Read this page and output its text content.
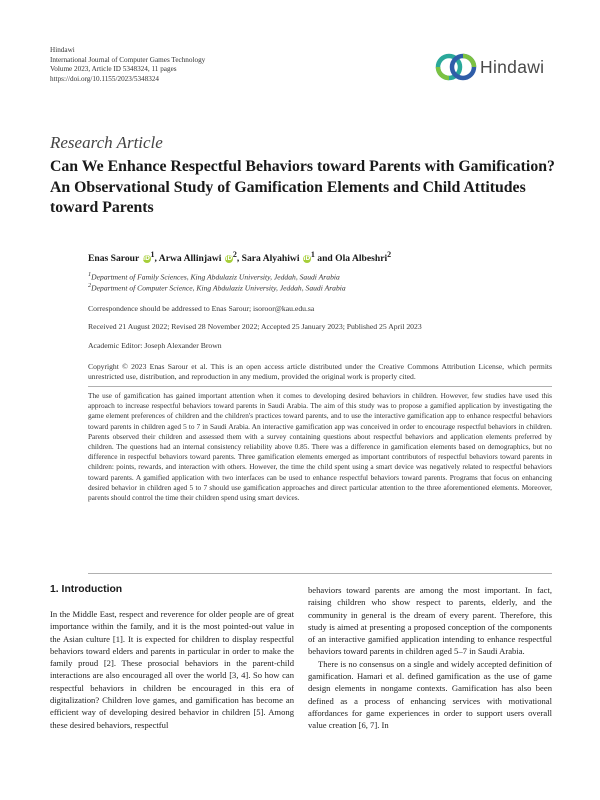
Hindawi
International Journal of Computer Games Technology
Volume 2023, Article ID 5348324, 11 pages
https://doi.org/10.1155/2023/5348324
Hindawi
Research Article
Can We Enhance Respectful Behaviors toward Parents with Gamification? An Observational Study of Gamification Elements and Child Attitudes toward Parents
Enas Sarour $iD^1$, Arwa Allinjawi $iD^2$, Sara Alyahiwi $iD^1$ and Ola Albeshri$^2$
$^1$Department of Family Sciences, King Abdulaziz University, Jeddah, Saudi Arabia
$^2$Department of Computer Science, King Abdulaziz University, Jeddah, Saudi Arabia
Correspondence should be addressed to Enas Sarour; isoroor@kau.edu.sa
Received 21 August 2022; Revised 28 November 2022; Accepted 25 January 2023; Published 25 April 2023
Academic Editor: Joseph Alexander Brown

Copyright © 2023 Enas Sarour et al. This is an open access article distributed under the Creative Commons Attribution License, which permits unrestricted use, distribution, and reproduction in any medium, provided the original work is properly cited.

The use of gamification has gained important attention when it comes to developing desired behaviors in children. However, few studies have used this approach to increase respectful behaviors toward parents in Saudi Arabia. The aim of this study was to propose a gamified application by investigating the game element preferences of children and the children's practices toward parents, and to use the interactive gamification app to enhance respectful behaviors toward parents in children aged 5 to 7 in Saudi Arabia. An interactive gamification app was conceived in order to encourage respectful behaviors in children. Parents observed their children and assessed them with a survey containing questions about respectful behaviors and application elements preferred by children. The questions had an internal consistency reliability above 0.85. There was a difference in gamification elements based on demographics, but no difference in respectful behaviors toward parents. Three gamification elements emerged as important contributors of respectful behaviors toward parents in children: points, rewards, and interaction with others. However, the time the child spent using a smart device was negatively related to respectful behaviors toward parents. A gamified application with two interfaces can be used to enhance respectful behaviors toward parents. Programs that focus on enhancing desired behavior in children aged 5 to 7 should use gamification approaches and direct particular attention to the three aforementioned elements. Moreover, parents should control the time their children spend using smart devices.

1. Introduction

In the Middle East, respect and reverence for older people are of great importance within the family, and it is the most pointed-out value in the Asian culture [1]. It is expected for children to display respectful behaviors toward elders and parents in particular in order to make the family proud [2]. These prosocial behaviors in the parent-child interactions are also encouraged all over the world [3, 4]. So how can respectful behaviors in children be encouraged in this era of digitalization? Children love games, and gamification has become an efficient way of developing desired behavior in children [5]. Among these desired behaviors, respectful

behaviors toward parents are among the most important. In fact, raising children who show respect to parents, elderly, and the community in general is the dream of every parent. Therefore, this study is aimed at presenting a proposed conception of the components of an interactive gamified application intending to enhance respectful behaviors toward parents in children aged 5–7 in Saudi Arabia.

There is no consensus on a single and widely accepted definition of gamification. Hamari et al. defined gamification as the use of game design elements in nongame contexts. Gamification has also been defined as a process of enhancing services with motivational affordances for game experiences in order to support users overall value creation [6, 7]. In
